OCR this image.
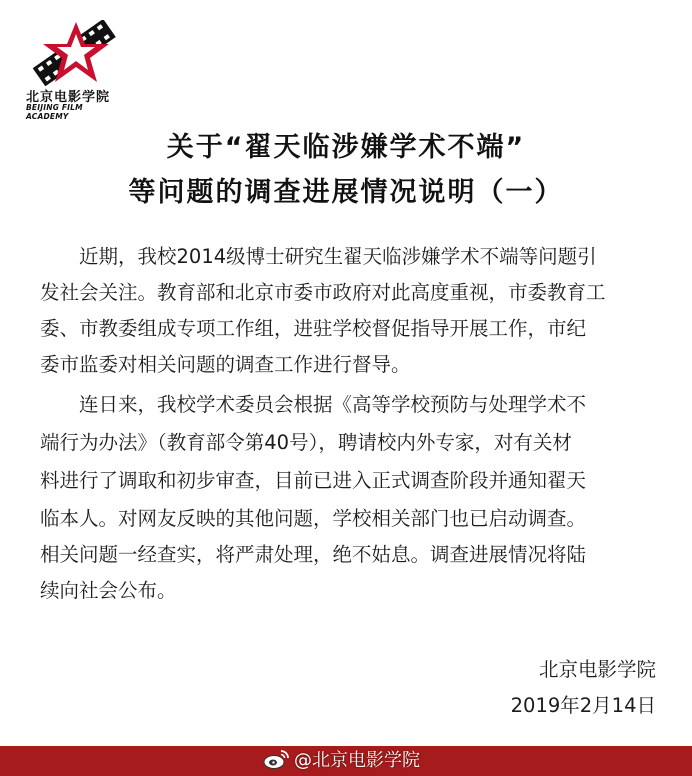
北京电影学院
BEIJING FILM ACADEMY
关于“翟天临涉嫌学术不端”
等问题的调查进展情况说明（一）
　　近期，我校2014级博士研究生翟天临涉嫌学术不端等问题引
发社会关注。教育部和北京市委市政府对此高度重视，市委教育工
委、市教委组成专项工作组，进驻学校督促指导开展工作，市纪
委市监委对相关问题的调查工作进行督导。
　　连日来，我校学术委员会根据《高等学校预防与处理学术不
端行为办法》（教育部令第40号），聘请校内外专家，对有关材
料进行了调取和初步审查，目前已进入正式调查阶段并通知翟天
临本人。对网友反映的其他问题，学校相关部门也已启动调查。
相关问题一经查实，将严肃处理，绝不姑息。调查进展情况将陆
续向社会公布。
北京电影学院
2019年2月14日
@北京电影学院
